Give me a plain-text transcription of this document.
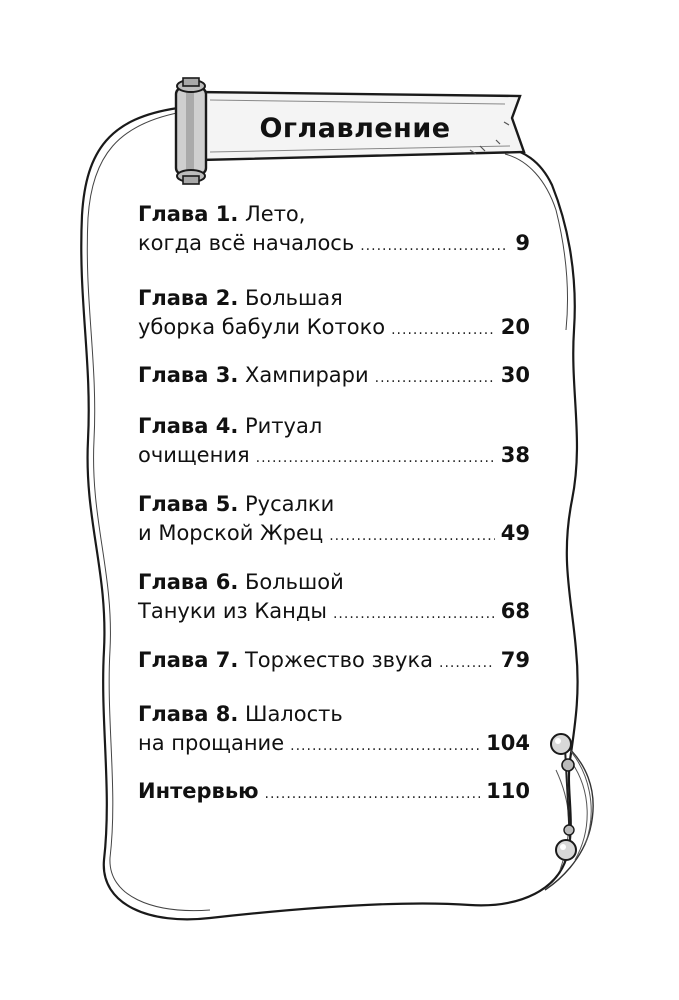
Оглавление
Глава 1.
Лето,
когда всё началось .....	9
Глава 2.
Большая
уборка бабули Котоко .....	20
Глава 3.
Хампирари .....	30
Глава 4.
Ритуал
очищения .....	38
Глава 5.
Русалки
и Морской Жрец .....	49
Глава 6.
Большой
Тануки из Канды .....	68
Глава 7.
Торжество звука .....	79
Глава 8.
Шалость
на прощание .....	104
Интервью .....	110
